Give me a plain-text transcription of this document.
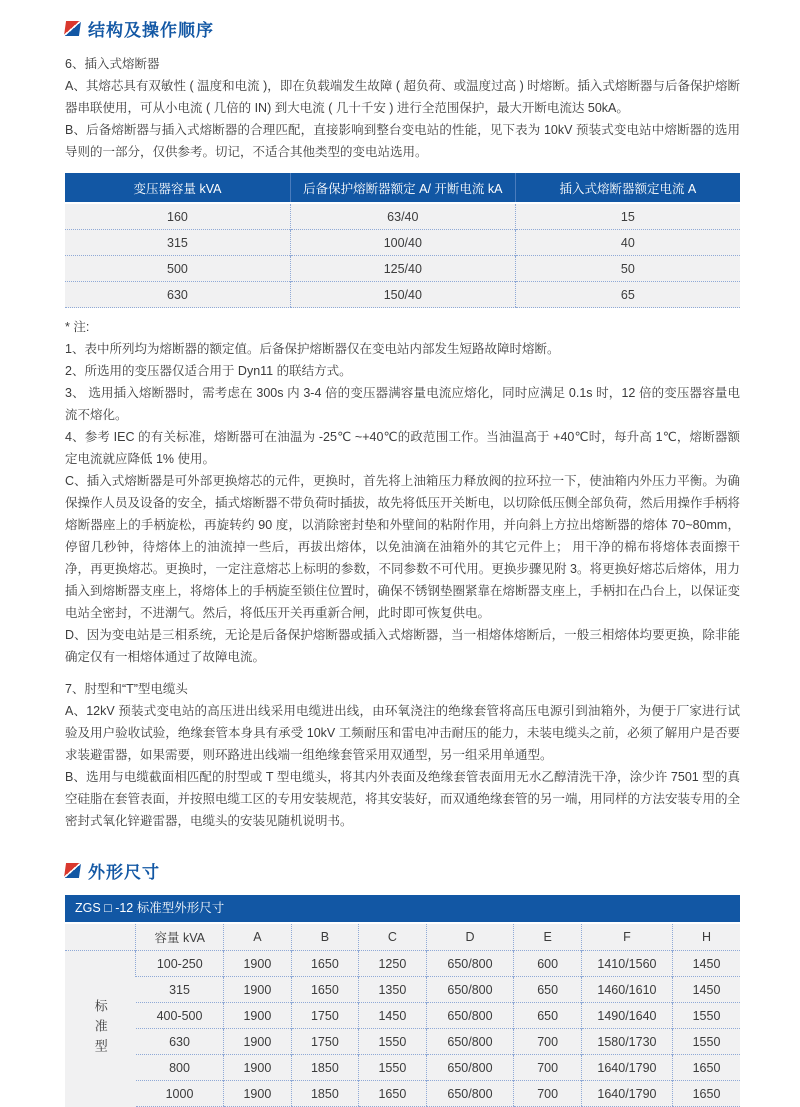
结构及操作顺序

6、插入式熔断器

A、其熔芯具有双敏性 ( 温度和电流 )，即在负载端发生故障 ( 超负荷、或温度过高 ) 时熔断。插入式熔断器与后备保护熔断器串联使用，可从小电流 ( 几倍的 IN) 到大电流 ( 几十千安 ) 进行全范围保护，最大开断电流达 50kA。

B、后备熔断器与插入式熔断器的合理匹配，直接影响到整台变电站的性能，见下表为 10kV 预装式变电站中熔断器的选用导则的一部分，仅供参考。切记，不适合其他类型的变电站选用。

变压器容量 kVA	后备保护熔断器额定 A/ 开断电流 kA	插入式熔断器额定电流 A
160	63/40	15
315	100/40	40
500	125/40	50
630	150/40	65

* 注:

1、表中所列均为熔断器的额定值。后备保护熔断器仅在变电站内部发生短路故障时熔断。

2、所选用的变压器仅适合用于 Dyn11 的联结方式。

3、 选用插入熔断器时，需考虑在 300s 内 3-4 倍的变压器满容量电流应熔化，同时应满足 0.1s 时，12 倍的变压器容量电流不熔化。

4、参考 IEC 的有关标准，熔断器可在油温为 -25℃ ~+40℃的政范围工作。当油温高于 +40℃时，每升高 1℃，熔断器额定电流就应降低 1% 使用。

C、插入式熔断器是可外部更换熔芯的元件，更换时，首先将上油箱压力释放阀的拉环拉一下，使油箱内外压力平衡。为确保操作人员及设备的安全，插式熔断器不带负荷时插拔，故先将低压开关断电，以切除低压侧全部负荷，然后用操作手柄将熔断器座上的手柄旋松，再旋转约 90 度，以消除密封垫和外壁间的粘附作用，并向斜上方拉出熔断器的熔体 70~80mm，停留几秒钟，待熔体上的油流掉一些后，再拔出熔体，以免油滴在油箱外的其它元件上； 用干净的棉布将熔体表面擦干净，再更换熔芯。更换时，一定注意熔芯上标明的参数，不同参数不可代用。更换步骤见附 3。将更换好熔芯后熔体，用力插入到熔断器支座上，将熔体上的手柄旋至锁住位置时，确保不锈钢垫圈紧靠在熔断器支座上，手柄扣在凸台上，以保证变电站全密封，不进潮气。然后，将低压开关再重新合闸，此时即可恢复供电。

D、因为变电站是三相系统，无论是后备保护熔断器或插入式熔断器，当一相熔体熔断后，一般三相熔体均要更换，除非能确定仅有一相熔体通过了故障电流。

7、肘型和“T”型电缆头

A、12kV 预装式变电站的高压进出线采用电缆进出线，由环氧浇注的绝缘套管将高压电源引到油箱外，为便于厂家进行试验及用户验收试验，绝缘套管本身具有承受 10kV 工频耐压和雷电冲击耐压的能力，未装电缆头之前，必须了解用户是否要求装避雷器，如果需要，则环路进出线端一组绝缘套管采用双通型，另一组采用单通型。

B、选用与电缆截面相匹配的肘型或 T 型电缆头，将其内外表面及绝缘套管表面用无水乙醇清洗干净，涂少许 7501 型的真空硅脂在套管表面，并按照电缆工区的专用安装规范，将其安装好，而双通绝缘套管的另一端，用同样的方法安装专用的全密封式氧化锌避雷器，电缆头的安装见随机说明书。

外形尺寸
ZGS □ -12 标准型外形尺寸
	容量 kVA	A	B	C	D	E	F	H
标准型	100-250	1900	1650	1250	650/800	600	1410/1560	1450
	315	1900	1650	1350	650/800	650	1460/1610	1450
	400-500	1900	1750	1450	650/800	650	1490/1640	1550
	630	1900	1750	1550	650/800	700	1580/1730	1550
	800	1900	1850	1550	650/800	700	1640/1790	1650
	1000	1900	1850	1650	650/800	700	1640/1790	1650
